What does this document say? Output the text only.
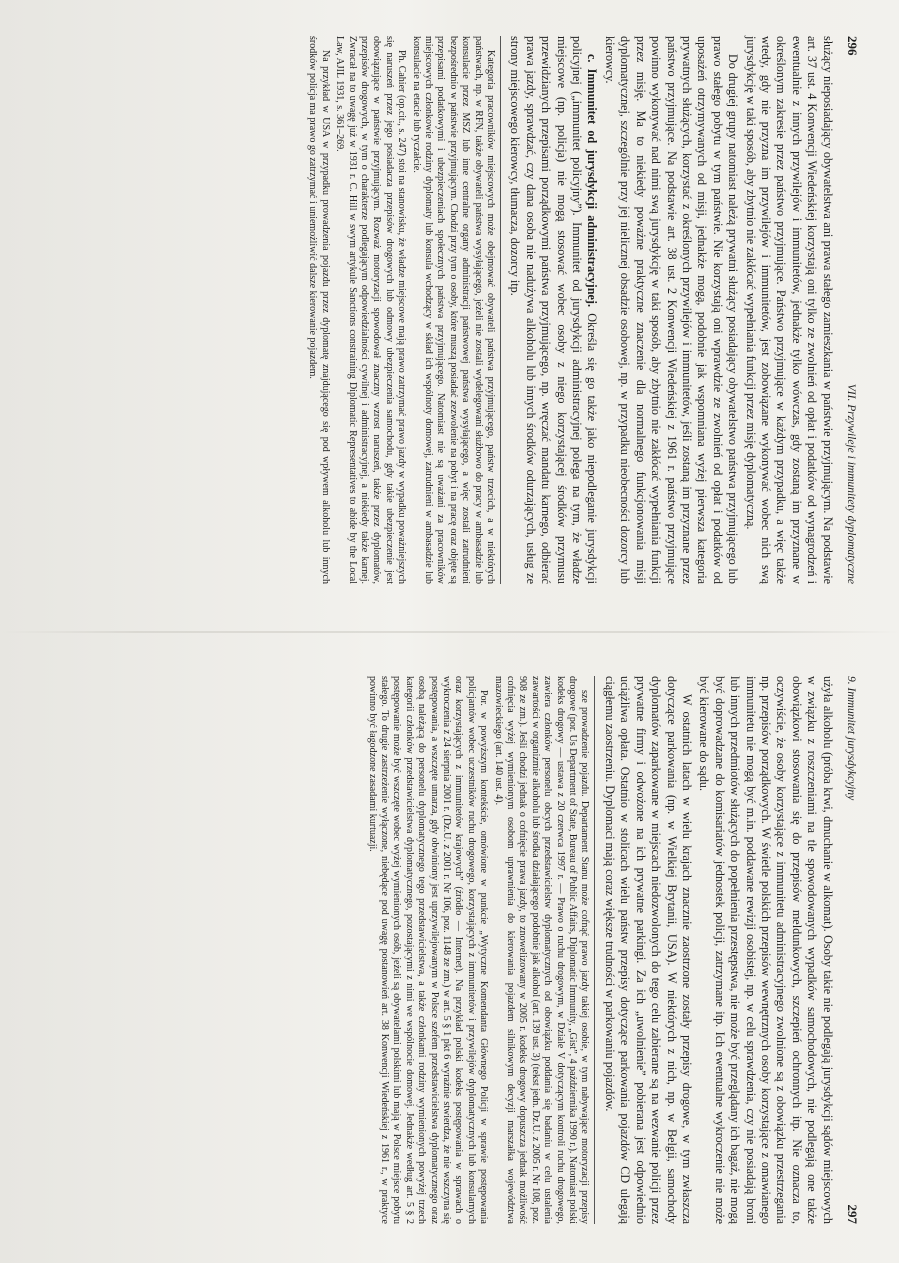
296
VII. Przywileje i immunitety dyplomatyczne

służący nieposiadający obywatelstwa ani prawa stałego zamieszkania w państwie przyjmującym. Na podstawie art. 37 ust. 4 Konwencji Wiedeńskiej korzystają oni tylko ze zwolnień od opłat i podatków od wynagrodzeń i ewentualnie z innych przywilejów i immunitetów, jednakże tylko wówczas, gdy zostaną im przyznane w określonym zakresie przez państwo przyjmujące. Państwo przyjmujące w każdym przypadku, a więc także wtedy, gdy nie przyzna im przywilejów i immunitetów, jest zobowiązane wykonywać wobec nich swą jurysdykcję w taki sposób, aby zbytnio nie zakłócać wypełniania funkcji przez misję dyplomatyczną.

Do drugiej grupy natomiast należą prywatni służący posiadający obywatelstwo państwa przyjmującego lub prawo stałego pobytu w tym państwie. Nie korzystają oni wprawdzie ze zwolnień od opłat i podatków od uposażeń otrzymywanych od misji, jednakże mogą, podobnie jak wspomniana wyżej pierwsza kategoria prywatnych służących, korzystać z określonych przywilejów i immunitetów, jeśli zostaną im przyznane przez państwo przyjmujące. Na podstawie art. 38 ust. 2 Konwencji Wiedeńskiej z 1961 r. państwo przyjmujące powinno wykonywać nad nimi swą jurysdykcję w taki sposób, aby zbytnio nie zakłócać wypełniania funkcji przez misję. Ma to niekiedy poważne praktyczne znaczenie dla normalnego funkcjonowania misji dyplomatycznej, szczególnie przy jej nielicznej obsadzie osobowej, np. w przypadku nieobecności dozorcy lub kierowcy.

c. Immunitet od jurysdykcji administracyjnej. Określa się go także jako niepodleganie jurysdykcji policyjnej („immunitet policyjny”). Immunitet od jurysdykcji administracyjnej polega na tym, że władze miejscowe (np. policja) nie mogą stosować wobec osoby z niego korzystającej środków przymusu przewidzianych przepisami porządkowymi państwa przyjmującego, np. wręczać mandatu karnego, odbierać prawa jazdy, sprawdzać, czy dana osoba nie nadużywa alkoholu lub innych środków odurzających, usług ze strony miejscowego kierowcy, tłumacza, dozorcy itp.

Kategoria pracowników miejscowych może obejmować obywateli państwa przyjmującego, państw trzecich, a w niektórych państwach, np. w RFN, także obywateli państwa wysyłającego, jeżeli nie zostali wydelegowani służbowo do pracy w ambasadzie lub konsulacie przez MSZ lub inne centralne organy administracji państwowej państwa wysyłającego, a więc zostali zatrudnieni bezpośrednio w państwie przyjmującym. Chodzi przy tym o osoby, które muszą posiadać zezwolenie na pobyt i na pracę oraz objęte są przepisami podatkowymi i ubezpieczeniach społecznych państwa przyjmującego. Natomiast nie są uważani za pracowników miejscowych członkowie rodziny dyplomaty lub konsula wchodzący w skład ich wspólnoty domowej, zatrudnieni w ambasadzie lub konsulacie na etacie lub ryczałcie.
Ph. Cahier (op.cit., s. 247) stoi na stanowisku, że władze miejscowe mają prawo zatrzymać prawo jazdy w wypadku poważniejszych się naruszeń przez jego posiadacza przepisów drogowych lub odmowy ubezpieczenia samochodu, gdy takie ubezpieczenie jest obowiązujące w państwie przyjmującym. Rozważ motoryzacji spowodował znaczny wzrost naruszeń, także przez dyplomatów, przepisów drogowych, w tym o charakterze podlegającym odpowiedzialności cywilnej i administracyjnej, a niekiedy także karnej. Zwracał na to uwagę już w 1931 r. C. Hill w swym artykule Sanctions constraining Diplomatic Representatives to abide by the Local Law, AJIL 1931, s. 361–269.
Na przykład w USA w przypadku prowadzenia pojazdu przez dyplomatę znajdującego się pod wpływem alkoholu lub innych środków policja ma prawo go zatrzymać i uniemożliwić dalsze kierowanie pojazdem.
9. Immunitet jurysdykcyjny
297

użyła alkoholu (próba krwi, dmuchanie w alkomat). Osoby takie nie podlegają jurysdykcji sądów miejscowych w związku z roszczeniami na tle spowodowanych wypadków samochodowych, nie podlegają one także obowiązkowi stosowania się do przepisów meldunkowych, szczepień ochronnych itp. Nie oznacza to, oczywiście, że osoby korzystające z immunitetu administracyjnego zwolnione są z obowiązku przestrzegania np. przepisów porządkowych. W świetle polskich przepisów wewnętrznych osoby korzystające z omawianego immunitetu nie mogą być m.in. poddawane rewizji osobistej, np. w celu sprawdzenia, czy nie posiadają broni lub innych przedmiotów służących do popełnienia przestępstwa, nie może być przeglądany ich bagaż, nie mogą być doprowadzane do komisariatów jednostek policji, zatrzymane itp. Ich ewentualne wykroczenie nie może być kierowane do sądu.

W ostatnich latach w wielu krajach znacznie zaostrzone zostały przepisy drogowe, w tym zwłaszcza dotyczące parkowania (np. w Wielkiej Brytanii, USA). W niektórych z nich, np. w Belgii, samochody dyplomatów zaparkowane w miejscach niedozwolonych do tego celu zabierane są na wezwanie policji przez prywatne firmy i odwożone na ich prywatne parkingi. Za ich „uwolnienie” pobierana jest odpowiednio uciążliwa opłata. Ostatnio w stolicach wielu państw przepisy dotyczące parkowania pojazdów CD ulegają ciągłemu zaostrzeniu. Dyplomaci mają coraz większe trudności w parkowaniu pojazdów.

sze prowadzenie pojazdu. Departament Stanu może cofnąć prawo jazdy takiej osobie, w tym nabywające motoryzacji przepisy drogowe (por. Us Department of State, Bureau of Public Affairs, Diplomatic Immunity, „Gist”, 4 października 1990 r.). Natomiast polski kodeks drogowy — ustawa z 20 czerwca 1997 r. — Prawo o ruchu drogowym, w Dziale V dotyczącym kontroli ruchu drogowego, zawiera członków personelu obcych przedstawicielstw dyplomatycznych od obowiązku poddania się badaniu w celu ustalenia zawartości w organizmie alkoholu lub środka działającego podobnie jak alkohol (art. 139 ust. 3) (tekst jedn. Dz.U. z 2005 r. Nr 108, poz. 908 ze zm.). Jeśli chodzi jednak o cofnięcie prawa jazdy, to znowelizowany w 2005 r. kodeks drogowy dopuszcza jednak możliwość cofnięcia wyżej wymienionym osobom uprawnienia do kierowania pojazdem silnikowym decyzji marszałka województwa mazowieckiego (art. 140 ust. 4).
Por. w powyższym kontekście, omówione w punkcie „Wytyczne Komendanta Głównego Policji w sprawie postępowania policjantów wobec uczestników ruchu drogowego, korzystających z immunitetów i przywilejów dyplomatycznych lub konsularnych oraz korzystających z immunitetów krajowych” (źródło — Internet). Na przykład polski kodeks postępowania w sprawach o wykroczenia z 24 sierpnia 2001 r. (Dz.U. z 2001 r. Nr 106, poz. 1148 ze zm.) w art. 5 § 1 pkt 6 wyraźnie stwierdza, że nie wszczyna się postępowania, a wszczęte umarza, gdy obwiniony jest uprzywilejowanym w Polsce szefem przedstawicielstwa dyplomatycznego oraz osobą należącą do personelu dyplomatycznego tego przedstawicielstwa, a także członkami rodziny wymienionych powyżej trzech kategorii członków przedstawicielstwa dyplomatycznego, pozostającymi z nimi we wspólnocie domowej. Jednakże według art. 5 § 2 postępowanie może być wszczęte wobec wyżej wymienionych osób, jeżeli są obywatelami polskimi lub mają w Polsce miejsce pobytu stałego. To drugie zastrzeżenie wyłączone, niebędące pod uwagę postanowień art. 38 Konwencji Wiedeńskiej z 1961 r., w praktyce powinno być łagodzone zasadami kurtuazji.
